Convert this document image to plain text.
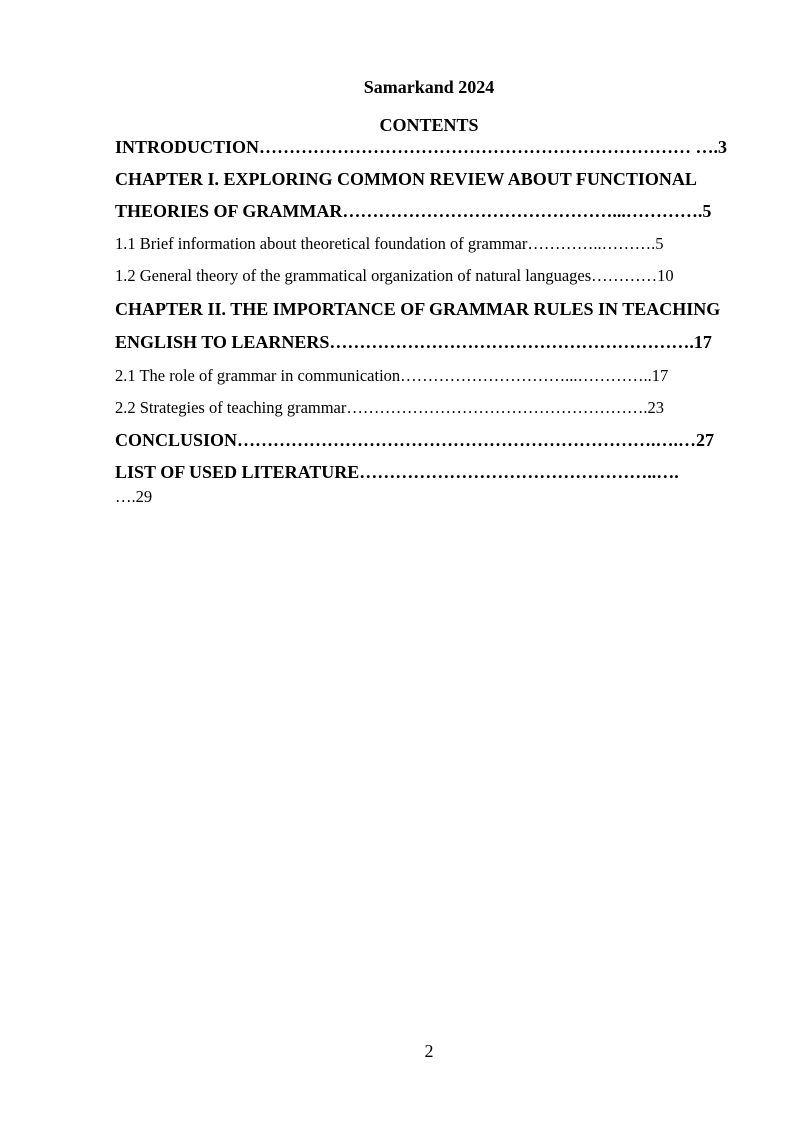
Samarkand 2024
CONTENTS
INTRODUCTION……………………………………………………………… ….3
CHAPTER I. EXPLORING COMMON REVIEW ABOUT FUNCTIONAL
THEORIES OF GRAMMAR………………………………………...………….5
1.1 Brief information about theoretical foundation of grammar…………..……….5
1.2 General theory of the grammatical organization of natural languages…………10
CHAPTER II. THE IMPORTANCE OF GRAMMAR RULES IN TEACHING
ENGLISH TO LEARNERS…………………………………………………….17
2.1 The role of grammar in communication…………………………...…………..17
2.2 Strategies of teaching grammar……………………………………………….23
CONCLUSION…………………………………………………………….….…27
LIST OF USED LITERATURE…………………………………………..….
….29
2
